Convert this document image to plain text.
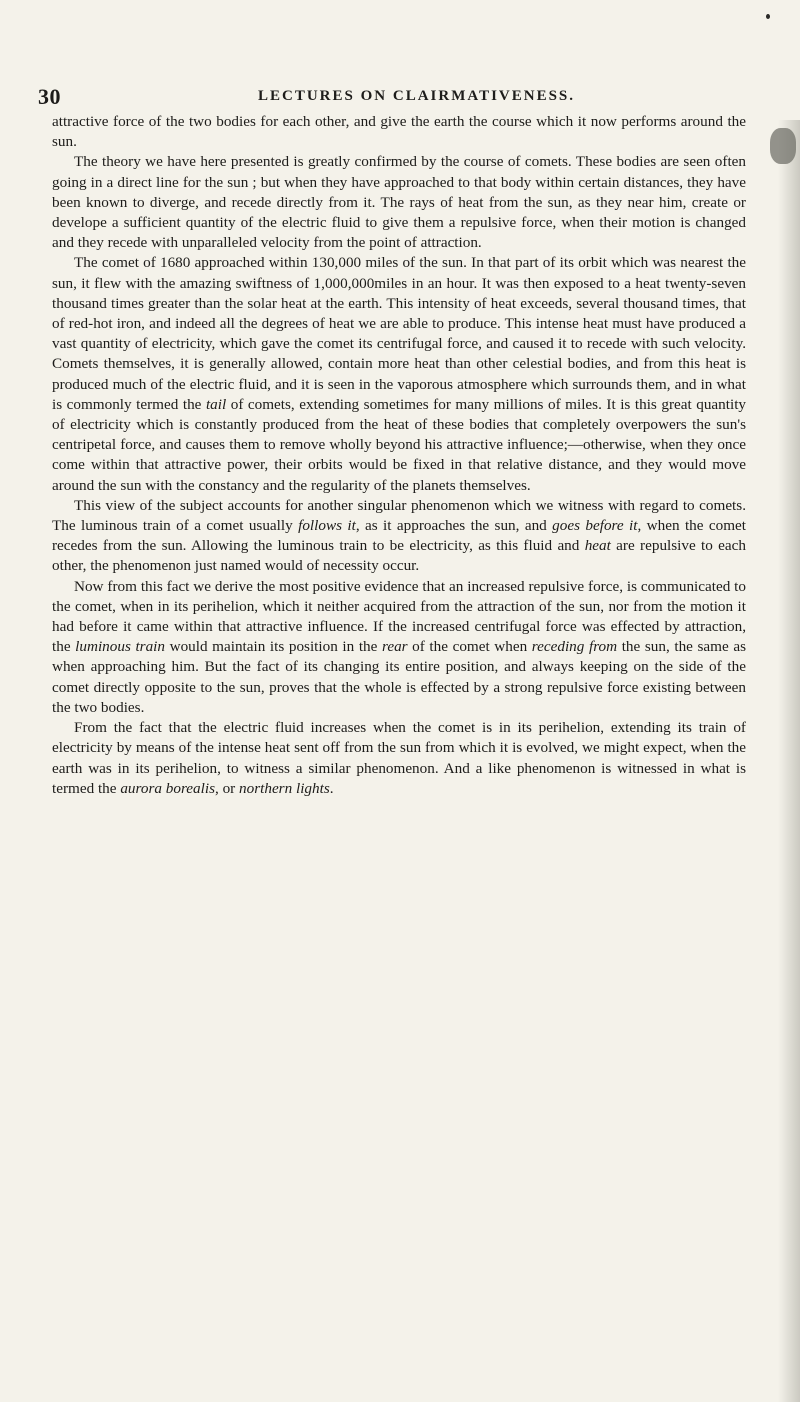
30	LECTURES ON CLAIRMATIVENESS.

attractive force of the two bodies for each other, and give the earth the course which it now performs around the sun.

The theory we have here presented is greatly confirmed by the course of comets. These bodies are seen often going in a direct line for the sun ; but when they have approached to that body within certain distances, they have been known to diverge, and recede directly from it. The rays of heat from the sun, as they near him, create or develope a sufficient quantity of the electric fluid to give them a repulsive force, when their motion is changed and they recede with unparalleled velocity from the point of attraction.

The comet of 1680 approached within 130,000 miles of the sun. In that part of its orbit which was nearest the sun, it flew with the amazing swiftness of 1,000,000miles in an hour. It was then exposed to a heat twenty-seven thousand times greater than the solar heat at the earth. This intensity of heat exceeds, several thousand times, that of red-hot iron, and indeed all the degrees of heat we are able to produce. This intense heat must have produced a vast quantity of electricity, which gave the comet its centrifugal force, and caused it to recede with such velocity. Comets themselves, it is generally allowed, contain more heat than other celestial bodies, and from this heat is produced much of the electric fluid, and it is seen in the vaporous atmosphere which surrounds them, and in what is commonly termed the tail of comets, extending sometimes for many millions of miles. It is this great quantity of electricity which is constantly produced from the heat of these bodies that completely overpowers the sun's centripetal force, and causes them to remove wholly beyond his attractive influence;—otherwise, when they once come within that attractive power, their orbits would be fixed in that relative distance, and they would move around the sun with the constancy and the regularity of the planets themselves.

This view of the subject accounts for another singular phenomenon which we witness with regard to comets. The luminous train of a comet usually follows it, as it approaches the sun, and goes before it, when the comet recedes from the sun. Allowing the luminous train to be electricity, as this fluid and heat are repulsive to each other, the phenomenon just named would of necessity occur.

Now from this fact we derive the most positive evidence that an increased repulsive force, is communicated to the comet, when in its perihelion, which it neither acquired from the attraction of the sun, nor from the motion it had before it came within that attractive influence. If the increased centrifugal force was effected by attraction, the luminous train would maintain its position in the rear of the comet when receding from the sun, the same as when approaching him. But the fact of its changing its entire position, and always keeping on the side of the comet directly opposite to the sun, proves that the whole is effected by a strong repulsive force existing between the two bodies.

From the fact that the electric fluid increases when the comet is in its perihelion, extending its train of electricity by means of the intense heat sent off from the sun from which it is evolved, we might expect, when the earth was in its perihelion, to witness a similar phenomenon. And a like phenomenon is witnessed in what is termed the aurora borealis, or northern lights.
